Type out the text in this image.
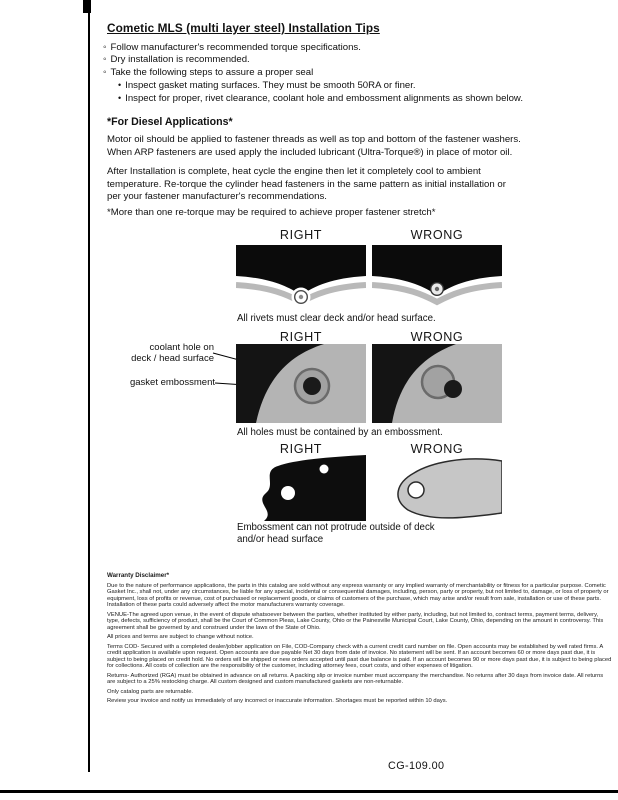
Cometic MLS (multi layer steel) Installation Tips
◦ Follow manufacturer's recommended torque specifications.
◦ Dry installation is recommended.
◦ Take the following steps to assure a proper seal
• Inspect gasket mating surfaces. They must be smooth 50RA or finer.
• Inspect for proper, rivet clearance, coolant hole and embossment alignments as shown below.
*For Diesel Applications*

Motor oil should be applied to fastener threads as well as top and bottom of the fastener washers. When ARP fasteners are used apply the included lubricant (Ultra-Torque®) in place of motor oil.

After Installation is complete, heat cycle the engine then let it completely cool to ambient temperature. Re-torque the cylinder head fasteners in the same pattern as initial installation or per your fastener manufacturer's recommendations.

*More than one re-torque may be required to achieve proper fastener stretch*
RIGHT	WRONG
All rivets must clear deck and/or head surface.
RIGHT	WRONG
coolant hole on
deck / head surface
gasket embossment
All holes must be contained by an embossment.
RIGHT	WRONG
Embossment can not protrude outside of deck and/or head surface
Warranty Disclaimer*

Due to the nature of performance applications, the parts in this catalog are sold without any express warranty or any implied warranty of merchantability or fitness for a particular purpose. Cometic Gasket Inc., shall not, under any circumstances, be liable for any special, incidental or consequential damages, including, person, party or property, but not limited to, damage, or loss of property or equipment, loss of profits or revenue, cost of purchased or replacement goods, or claims of customers of the purchase, which may arise and/or result from sale, installation or use of these parts. Installation of these parts could adversely affect the motor manufacturers warranty coverage.

VENUE-The agreed upon venue, in the event of dispute whatsoever between the parties, whether instituted by either party, including, but not limited to, contract terms, payment terms, delivery, type, defects, sufficiency of product, shall be the Court of Common Pleas, Lake County, Ohio or the Painesville Municipal Court, Lake County, Ohio, depending on the amount in controversy. This agreement shall be governed by and construed under the laws of the State of Ohio.

All prices and terms are subject to change without notice.

Terms COD- Secured with a completed dealer/jobber application on File, COD-Company check with a current credit card number on file. Open accounts may be established by well rated firms. A credit application is available upon request. Open accounts are due payable Net 30 days from date of invoice. No statement will be sent. If an account becomes 60 or more days past due, it is subject to being placed on credit hold. No orders will be shipped or new orders accepted until past due balance is paid. If an account becomes 90 or more days past due, it is subject to being placed for collections. All costs of collection are the responsibility of the customer, including attorney fees, court costs, and other expenses of litigation.

Returns- Authorized (RGA) must be obtained in advance on all returns. A packing slip or invoice number must accompany the merchandise. No returns after 30 days from invoice date. All returns are subject to a 25% restocking charge. All custom designed and custom manufactured gaskets are non-returnable.

Only catalog parts are returnable.

Review your invoice and notify us immediately of any incorrect or inaccurate information. Shortages must be reported within 10 days.

CG-109.00
